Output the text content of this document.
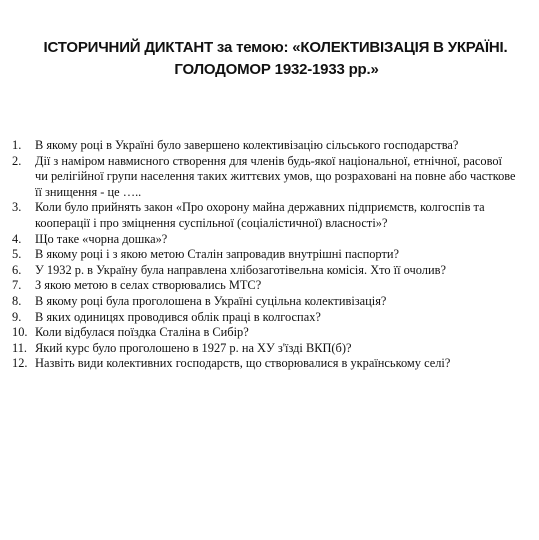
ІСТОРИЧНИЙ ДИКТАНТ за темою: «КОЛЕКТИВІЗАЦІЯ В УКРАЇНІ.
ГОЛОДОМОР 1932-1933 рр.»
1.	В якому році в Україні було завершено колективізацію сільського господарства?
2.	Дії з наміром навмисного створення для членів будь-якої національної, етнічної, расової чи релігійної групи населення таких життєвих умов, що розраховані на повне або часткове її знищення - це …..
3.	Коли було прийнять закон «Про охорону майна державних підприємств, колгоспів та кооперації і про зміцнення суспільної (соціалістичної) власності»?
4.	Що таке «чорна дошка»?
5.	В якому році і з якою метою Сталін запровадив внутрішні паспорти?
6.	У 1932 р. в Україну була направлена хлібозаготівельна комісія. Хто її очолив?
7.	З якою метою в селах створювались МТС?
8.	В якому році була проголошена в Україні суцільна колективізація?
9.	В яких одиницях проводився облік праці в колгоспах?
10. Коли відбулася поїздка Сталіна в Сибір?
11. Який курс було проголошено в 1927 р. на ХУ з'їзді ВКП(б)?
12. Назвіть види колективних господарств, що створювалися в українському селі?
